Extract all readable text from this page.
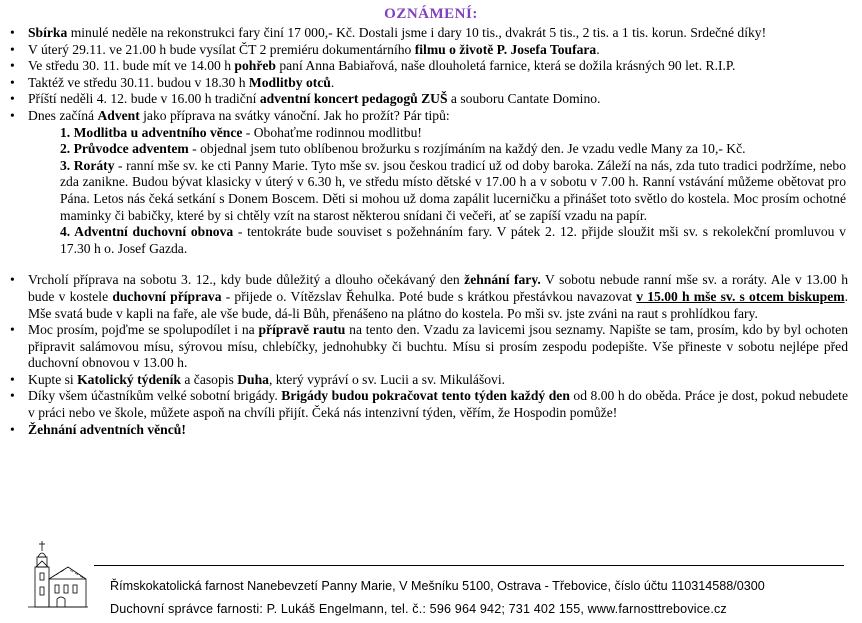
OZNÁMENÍ:

• Sbírka minulé neděle na rekonstrukci fary činí 17 000,- Kč. Dostali jsme i dary 10 tis., dvakrát 5 tis., 2 tis. a 1 tis. korun. Srdečné díky!

• V úterý 29.11. ve 21.00 h bude vysílat ČT 2 premiéru dokumentárního filmu o životě P. Josefa Toufara.

• Ve středu 30. 11. bude mít ve 14.00 h pohřeb paní Anna Babiařová, naše dlouholetá farnice, která se dožila krásných 90 let. R.I.P.

• Taktéž ve středu 30.11. budou v 18.30 h Modlitby otců.

• Příští neděli 4. 12. bude v 16.00 h tradiční adventní koncert pedagogů ZUŠ a souboru Cantate Domino.

• Dnes začíná Advent jako příprava na svátky vánoční. Jak ho prožít? Pár tipů:

1. Modlitba u adventního věnce - Obohaťme rodinnou modlitbu!

2. Průvodce adventem - objednal jsem tuto oblíbenou brožurku s rozjímáním na každý den. Je vzadu vedle Many za 10,- Kč.

3. Roráty - ranní mše sv. ke cti Panny Marie. Tyto mše sv. jsou českou tradicí už od doby baroka. Záleží na nás, zda tuto tradici podržíme, nebo zda zanikne. Budou bývat klasicky v úterý v 6.30 h, ve středu místo dětské v 17.00 h a v sobotu v 7.00 h. Ranní vstávání můžeme obětovat pro Pána. Letos nás čeká setkání s Donem Boscem. Děti si mohou už doma zapálit lucerničku a přinášet toto světlo do kostela. Moc prosím ochotné maminky či babičky, které by si chtěly vzít na starost některou snídani či večeři, ať se zapíší vzadu na papír.

4. Adventní duchovní obnova - tentokráte bude souviset s požehnáním fary. V pátek 2. 12. přijde sloužit mši sv. s rekolekční promluvou v 17.30 h o. Josef Gazda.

• Vrcholí příprava na sobotu 3. 12., kdy bude důležitý a dlouho očekávaný den žehnání fary. V sobotu nebude ranní mše sv. a roráty. Ale v 13.00 h bude v kostele duchovní příprava - přijede o. Vítězslav Řehulka. Poté bude s krátkou přestávkou navazovat v 15.00 h mše sv. s otcem biskupem. Mše svatá bude v kapli na faře, ale vše bude, dá-li Bůh, přenášeno na plátno do kostela. Po mši sv. jste zváni na raut s prohlídkou fary.

• Moc prosím, pojďme se spolupodílet i na přípravě rautu na tento den. Vzadu za lavicemi jsou seznamy. Napište se tam, prosím, kdo by byl ochoten připravit salámovou mísu, sýrovou mísu, chlebíčky, jednohubky či buchtu. Mísu si prosím zespodu podepište. Vše přineste v sobotu nejlépe před duchovní obnovou v 13.00 h.

• Kupte si Katolický týdeník a časopis Duha, který vypráví o sv. Lucii a sv. Mikulášovi.

• Díky všem účastníkům velké sobotní brigády. Brigády budou pokračovat tento týden každý den od 8.00 h do oběda. Práce je dost, pokud nebudete v práci nebo ve škole, můžete aspoň na chvíli přijít. Čeká nás intenzivní týden, věřím, že Hospodin pomůže!

• Žehnání adventních věnců!

Římskokatolická farnost Nanebevzetí Panny Marie, V Mešníku 5100, Ostrava - Třebovice, číslo účtu 110314588/0300
Duchovní správce farnosti: P. Lukáš Engelmann, tel. č.: 596 964 942; 731 402 155, www.farnosttrebovice.cz
